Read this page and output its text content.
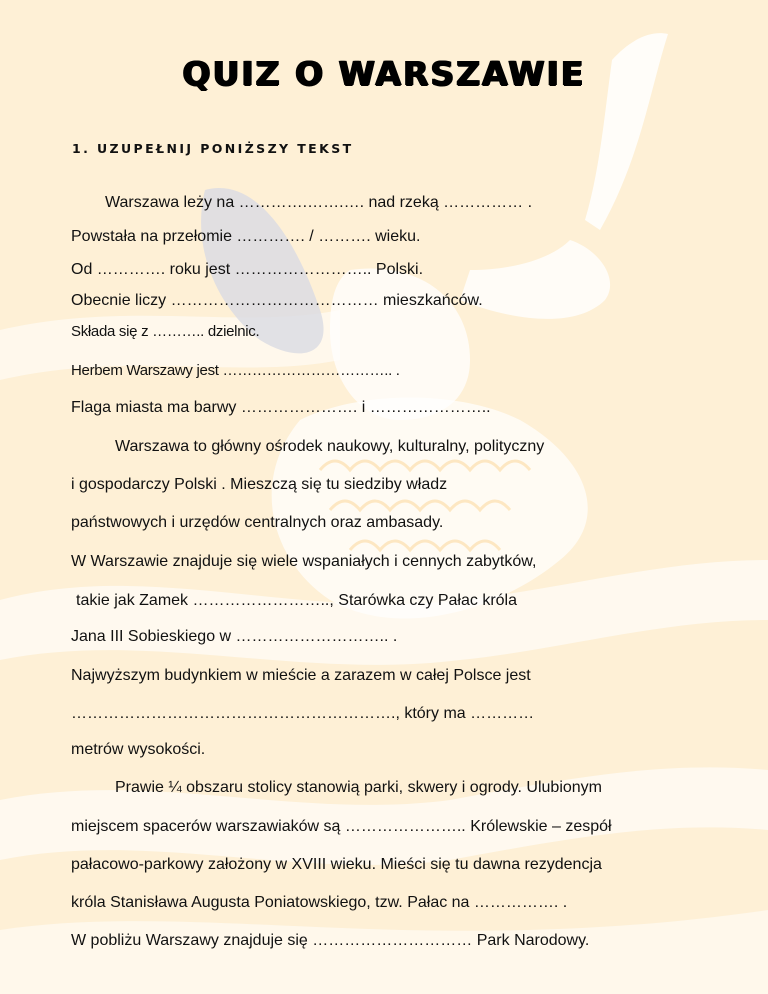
QUIZ O WARSZAWIE
1. UZUPEŁNIJ PONIŻSZY TEKST
Warszawa leży na ………….…….…. nad rzeką …………… .
Powstała na przełomie …………. / ………. wieku.
Od …………. roku jest …………………….. Polski.
Obecnie liczy ………………………………… mieszkańców.
Składa się z ……….. dzielnic.
Herbem Warszawy jest …………………………….. .
Flaga miasta ma barwy …………………. i …………………..
Warszawa to główny ośrodek naukowy, kulturalny, polityczny
i gospodarczy Polski . Mieszczą się tu siedziby władz
państwowych i urzędów centralnych oraz ambasady.
W Warszawie znajduje się wiele wspaniałych i cennych zabytków,
takie jak Zamek …………………….., Starówka czy Pałac króla
Jana III Sobieskiego w ……………………….. .
Najwyższym budynkiem w mieście a zarazem w całej Polsce jest
……………………………………………………., który ma …………
metrów wysokości.
Prawie ¼ obszaru stolicy stanowią parki, skwery i ogrody. Ulubionym
miejscem spacerów warszawiaków są ………………….. Królewskie – zespół
pałacowo-parkowy założony w XVIII wieku. Mieści się tu dawna rezydencja
króla Stanisława Augusta Poniatowskiego, tzw. Pałac na ……………. .
W pobliżu Warszawy znajduje się ………………………… Park Narodowy.
